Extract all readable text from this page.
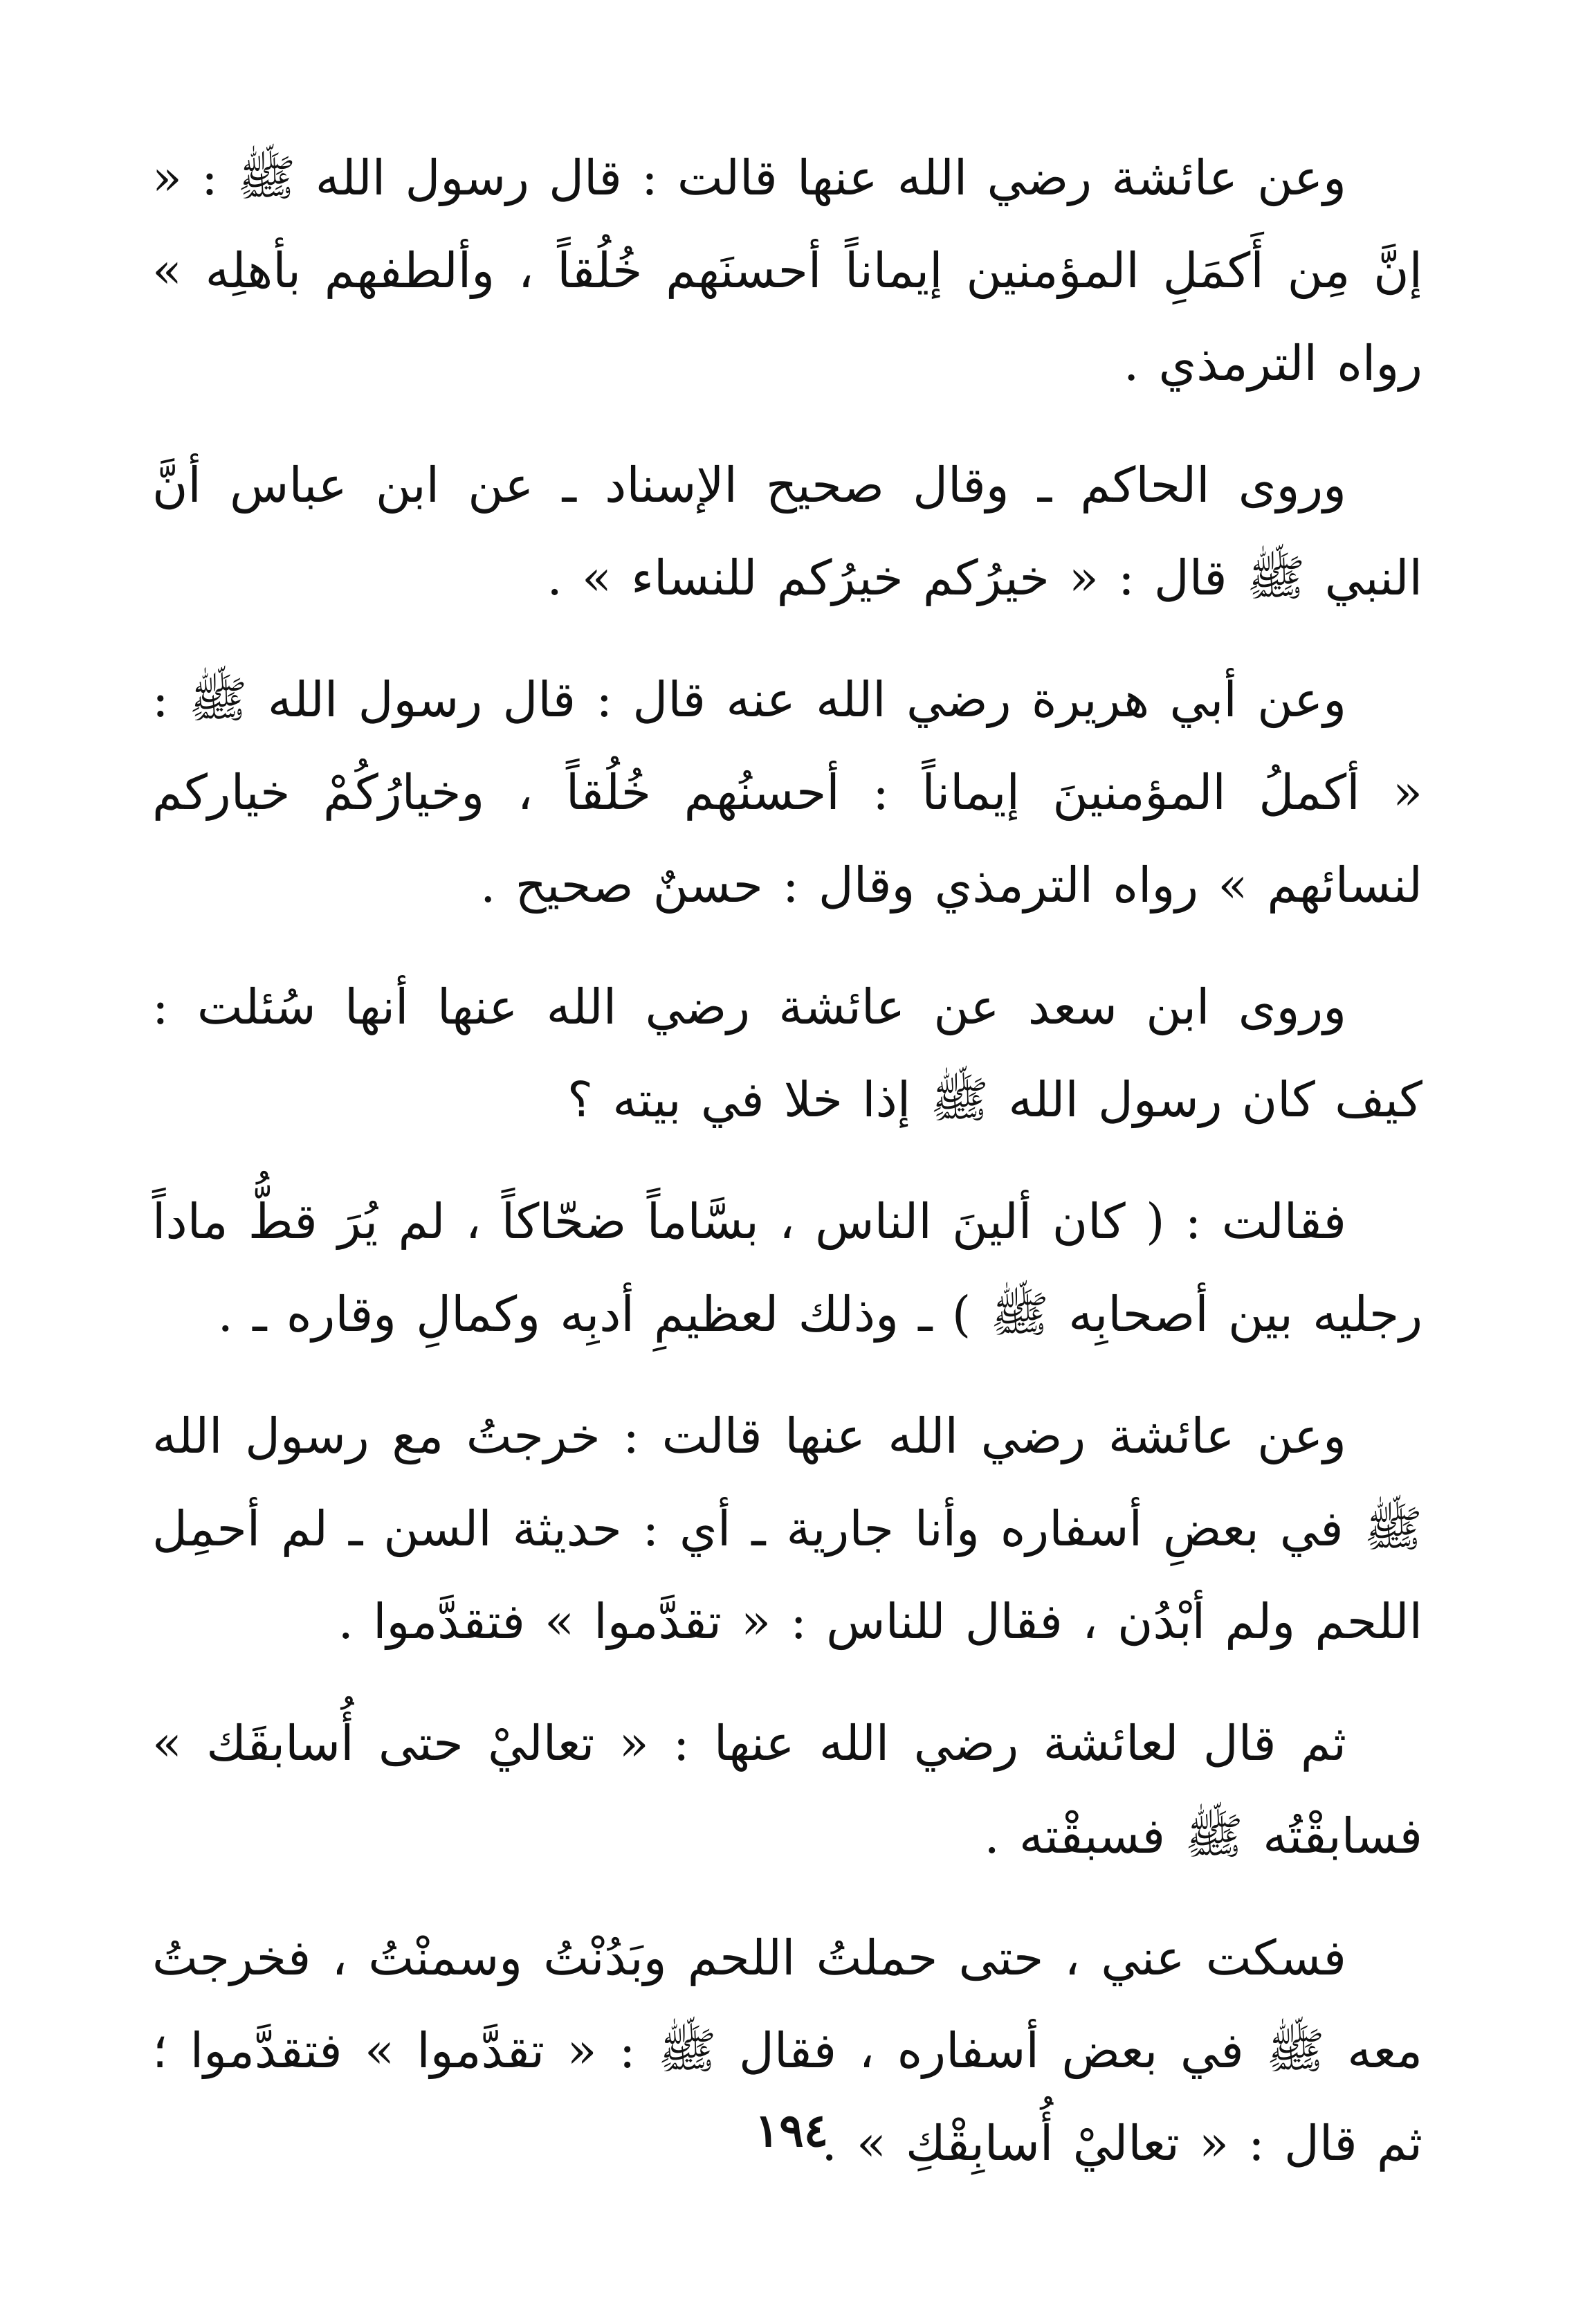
وعن عائشة رضي الله عنها قالت : قال رسول الله ﷺ : « إنَّ مِن أَكمَلِ المؤمنين إيماناً أحسنَهم خُلُقاً ، وألطفهم بأهلِه » رواه الترمذي .

وروى الحاكم ـ وقال صحيح الإسناد ـ عن ابن عباس أنَّ النبي ﷺ قال : « خيرُكم خيرُكم للنساء » .

وعن أبي هريرة رضي الله عنه قال : قال رسول الله ﷺ : « أكملُ المؤمنينَ إيماناً : أحسنُهم خُلُقاً ، وخيارُكُمْ خياركم لنسائهم » رواه الترمذي وقال : حسنٌ صحيح .

وروى ابن سعد عن عائشة رضي الله عنها أنها سُئلت : كيف كان رسول الله ﷺ إذا خلا في بيته ؟

فقالت : ( كان ألينَ الناس ، بسَّاماً ضحّاكاً ، لم يُرَ قطُّ ماداً رجليه بين أصحابِه ﷺ ) ـ وذلك لعظيمِ أدبِه وكمالِ وقاره ـ .

وعن عائشة رضي الله عنها قالت : خرجتُ مع رسول الله ﷺ في بعضِ أسفاره وأنا جارية ـ أي : حديثة السن ـ لم أحمِل اللحم ولم أبْدُن ، فقال للناس : « تقدَّموا » فتقدَّموا .

ثم قال لعائشة رضي الله عنها : « تعاليْ حتى أُسابقَك » فسابقْتُه ﷺ فسبقْته .

فسكت عني ، حتى حملتُ اللحم وبَدُنْتُ وسمنْتُ ، فخرجتُ معه ﷺ في بعض أسفاره ، فقال ﷺ : « تقدَّموا » فتقدَّموا ؛ ثم قال : « تعاليْ أُسابِقْكِ » .

١٩٤
